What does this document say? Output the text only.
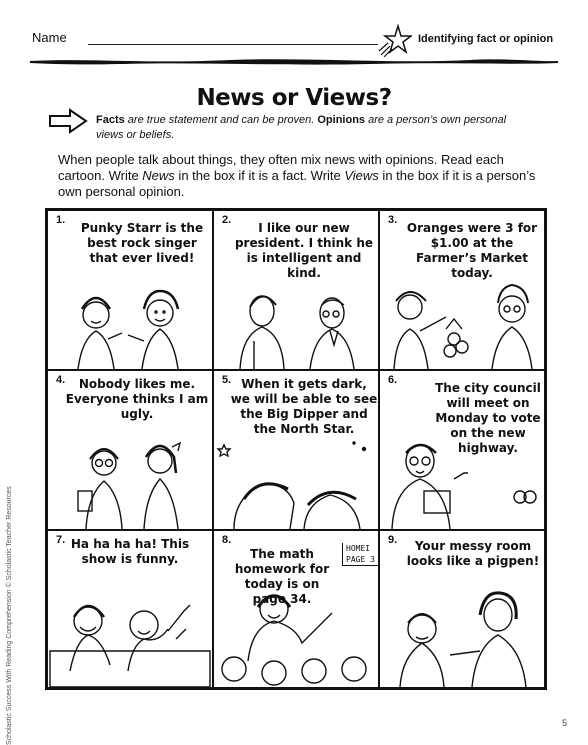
Name	Identifying fact or opinion
News or Views?
Facts are true statement and can be proven. Opinions are a person’s own personal views or beliefs.
When people talk about things, they often mix news with opinions. Read each cartoon. Write News in the box if it is a fact. Write Views in the box if it is a person’s own personal opinion.
1.
Punky Starr is the best rock singer that ever lived!
2.
I like our new president. I think he is intelligent and kind.
3.
Oranges were 3 for $1.00 at the Farmer’s Market today.
4.	Nobody likes me. Everyone thinks I am ugly.
5. When it gets dark, we will be able to see the Big Dipper and the North Star.
6.
The city council will meet on Monday to vote on the new highway.
7. Ha ha ha ha! This show is funny.
8.
The math homework for today is on page 34.
HOMEI PAGE 3
9.	Your messy room looks like a pigpen!
Scholastic Success With Reading Comprehension © Scholastic Teacher Resources	5
